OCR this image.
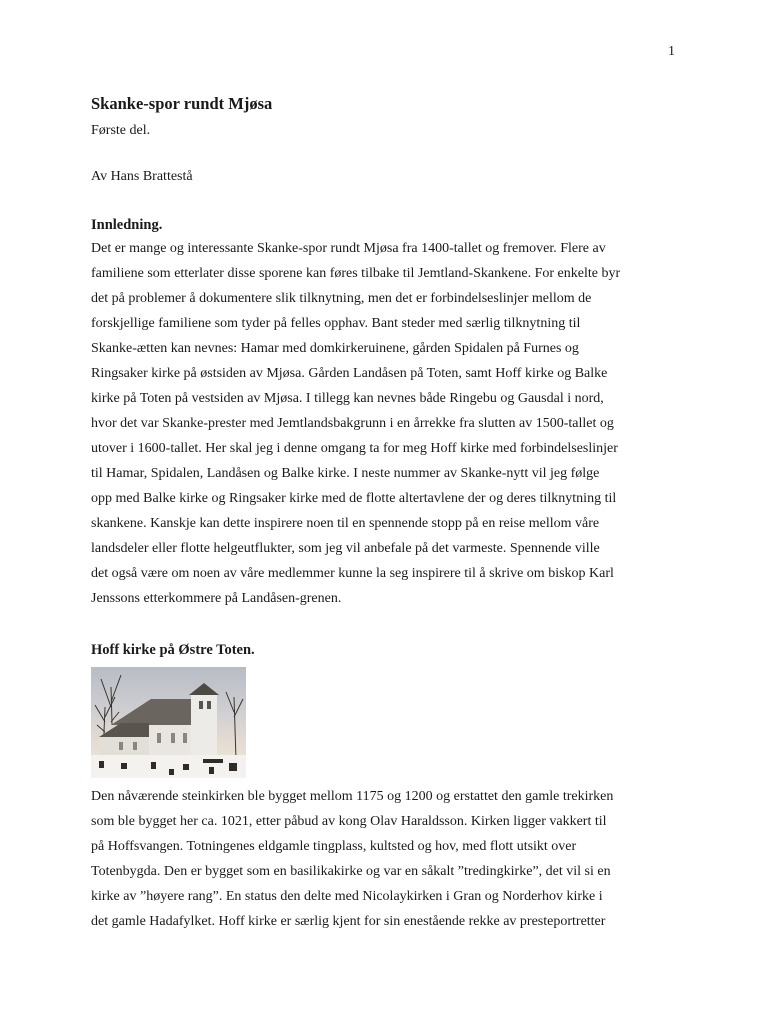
1
Skanke-spor rundt Mjøsa
Første del.
Av Hans Brattestå
Innledning.

Det er mange og interessante Skanke-spor rundt Mjøsa fra 1400-tallet og fremover. Flere av

familiene som etterlater disse sporene kan føres tilbake til Jemtland-Skankene. For enkelte byr

det på problemer å dokumentere slik tilknytning, men det er forbindelseslinjer mellom de

forskjellige familiene som tyder på felles opphav. Bant steder med særlig tilknytning til

Skanke-ætten kan nevnes: Hamar med domkirkeruinene, gården Spidalen på Furnes og

Ringsaker kirke på østsiden av Mjøsa. Gården Landåsen på Toten, samt Hoff kirke og Balke

kirke på Toten på vestsiden av Mjøsa. I tillegg kan nevnes både Ringebu og Gausdal i nord,

hvor det var Skanke-prester med Jemtlandsbakgrunn i en årrekke fra slutten av 1500-tallet og

utover i 1600-tallet. Her skal jeg i denne omgang ta for meg Hoff kirke med forbindelseslinjer

til Hamar, Spidalen, Landåsen og Balke kirke. I neste nummer av Skanke-nytt vil jeg følge

opp med Balke kirke og Ringsaker kirke med de flotte altertavlene der og deres tilknytning til

skankene. Kanskje kan dette inspirere noen til en spennende stopp på en reise mellom våre

landsdeler eller flotte helgeutflukter, som jeg vil anbefale på det varmeste. Spennende ville

det også være om noen av våre medlemmer kunne la seg inspirere til å skrive om biskop Karl

Jenssons etterkommere på Landåsen-grenen.

Hoff kirke på Østre Toten.

Den nåværende steinkirken ble bygget mellom 1175 og 1200 og erstattet den gamle trekirken

som ble bygget her ca. 1021, etter påbud av kong Olav Haraldsson. Kirken ligger vakkert til

på Hoffsvangen. Totningenes eldgamle tingplass, kultsted og hov, med flott utsikt over

Totenbygda. Den er bygget som en basilikakirke og var en såkalt ”tredingkirke”, det vil si en

kirke av ”høyere rang”. En status den delte med Nicolaykirken i Gran og Norderhov kirke i

det gamle Hadafylket. Hoff kirke er særlig kjent for sin enestående rekke av presteportretter
